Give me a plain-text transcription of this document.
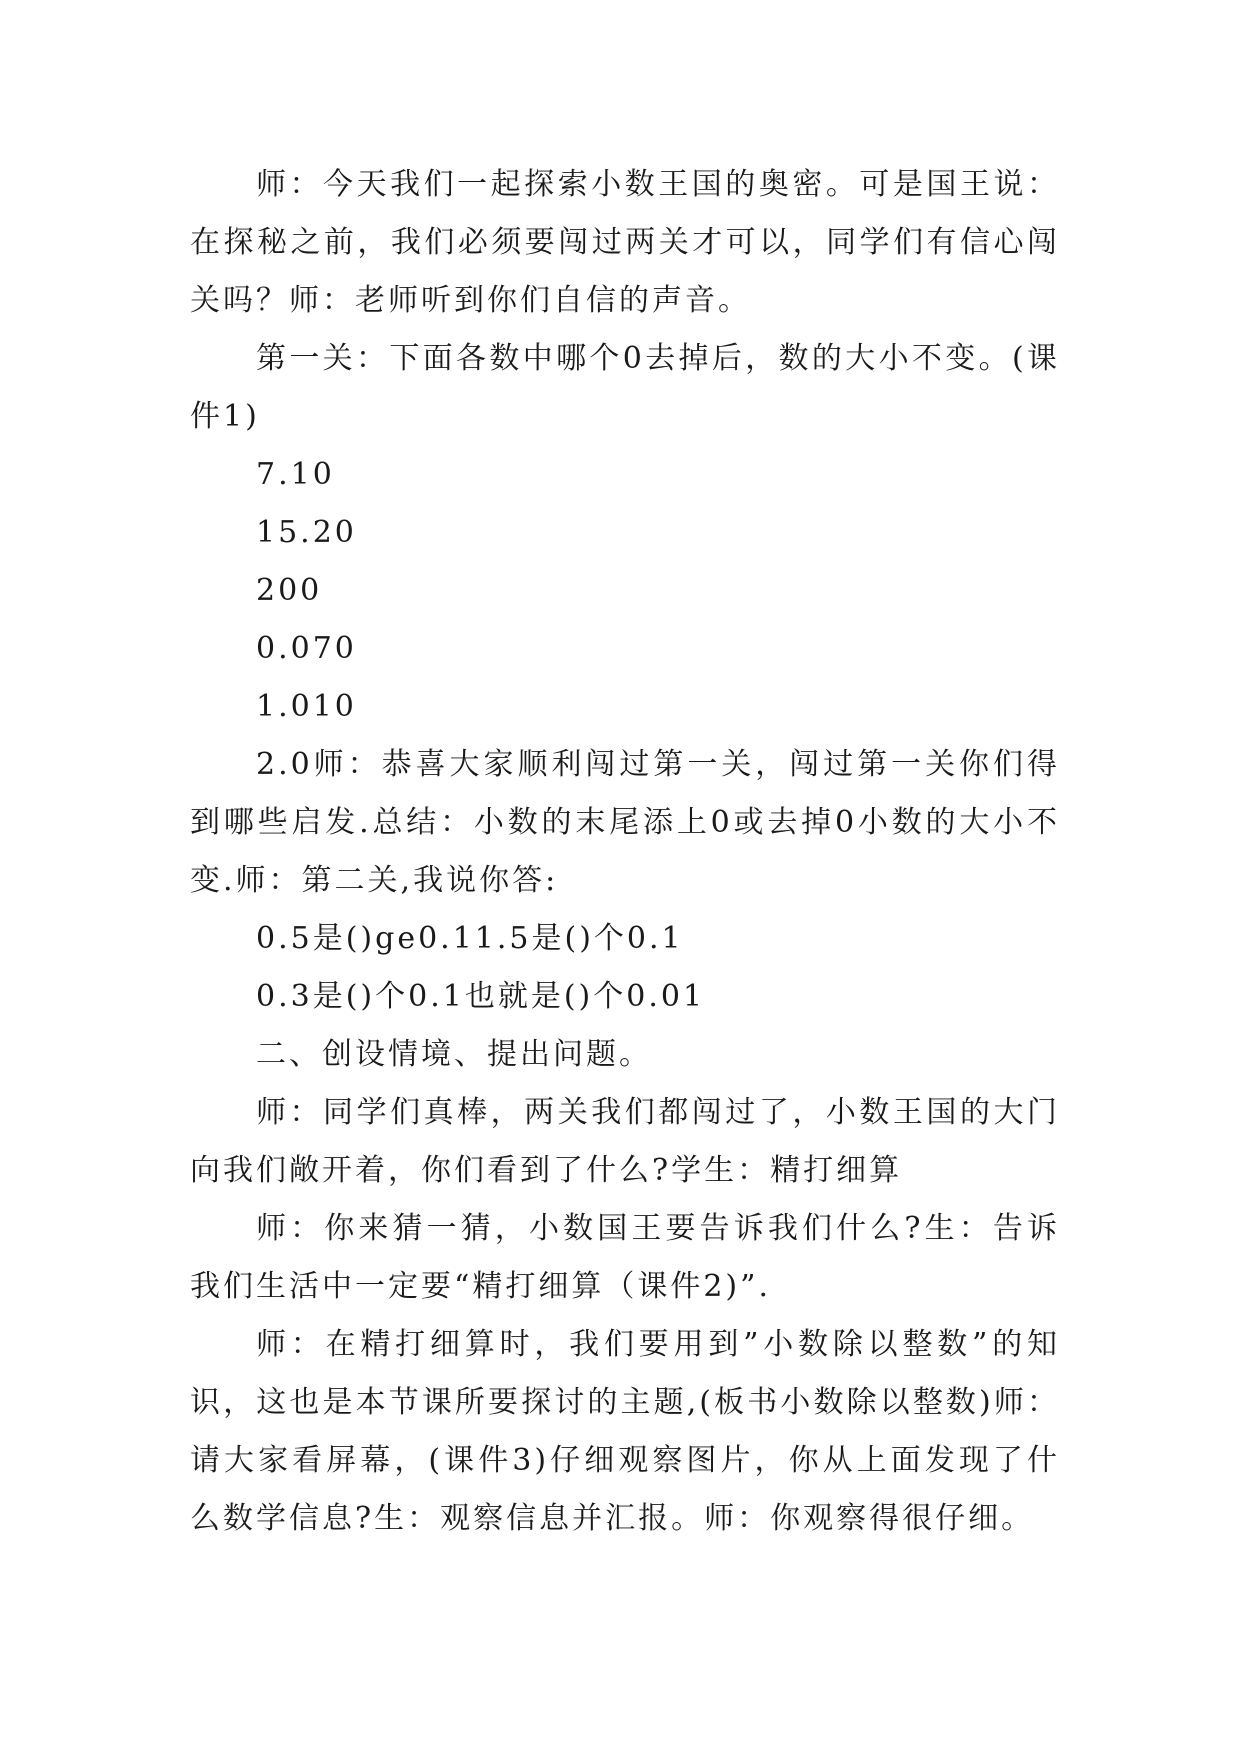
师：今天我们一起探索小数王国的奥密。可是国王说：在探秘之前，我们必须要闯过两关才可以，同学们有信心闯关吗？师：老师听到你们自信的声音。

第一关：下面各数中哪个0去掉后，数的大小不变。(课件1)

7.10

15.20

200

0.070

1.010

2.0师：恭喜大家顺利闯过第一关，闯过第一关你们得到哪些启发.总结：小数的末尾添上0或去掉0小数的大小不变.师：第二关,我说你答:

0.5是()ge0.11.5是()个0.1

0.3是()个0.1也就是()个0.01

二、创设情境、提出问题。

师：同学们真棒，两关我们都闯过了，小数王国的大门向我们敞开着，你们看到了什么?学生：精打细算

师：你来猜一猜，小数国王要告诉我们什么?生：告诉我们生活中一定要“精打细算（课件2)”.

师：在精打细算时，我们要用到”小数除以整数”的知识，这也是本节课所要探讨的主题,(板书小数除以整数)师：请大家看屏幕，(课件3)仔细观察图片，你从上面发现了什么数学信息?生：观察信息并汇报。师：你观察得很仔细。
